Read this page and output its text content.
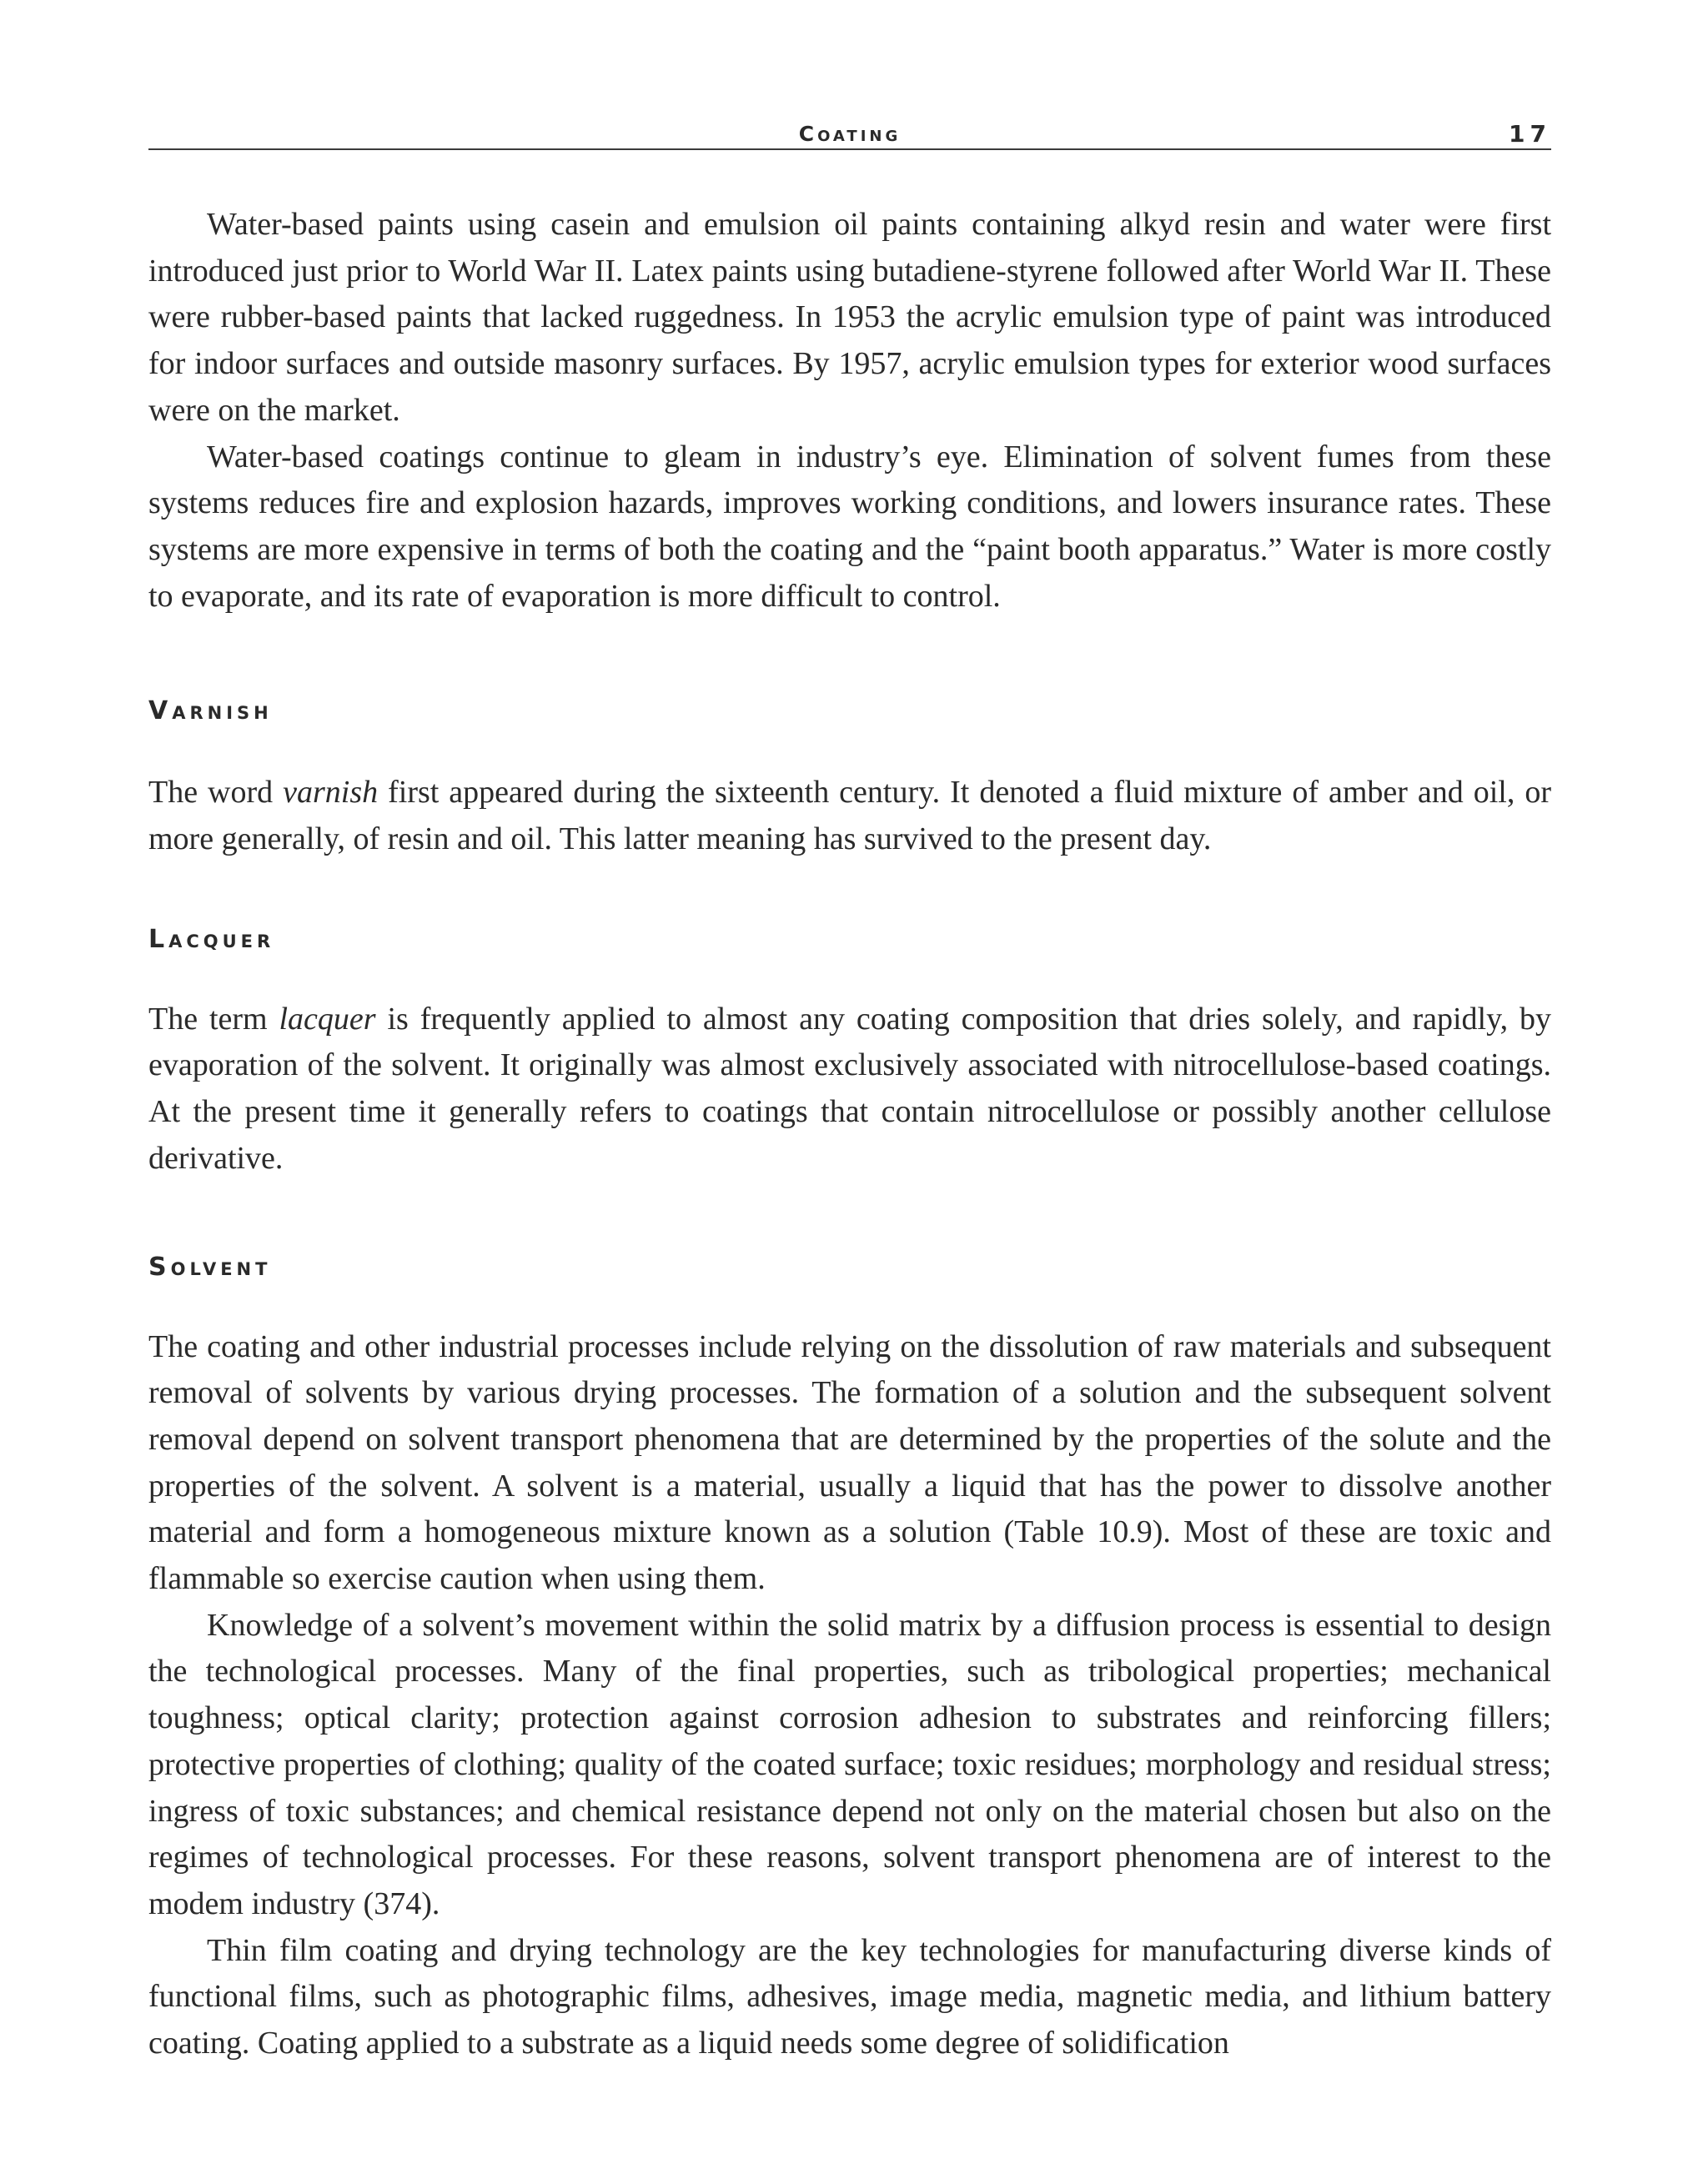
Coating	17

Water-based paints using casein and emulsion oil paints containing alkyd resin and water were first introduced just prior to World War II. Latex paints using butadiene-styrene followed after World War II. These were rubber-based paints that lacked ruggedness. In 1953 the acrylic emulsion type of paint was introduced for indoor surfaces and outside masonry surfaces. By 1957, acrylic emulsion types for exterior wood surfaces were on the market.

Water-based coatings continue to gleam in industry’s eye. Elimination of solvent fumes from these systems reduces fire and explosion hazards, improves working conditions, and lowers insurance rates. These systems are more expensive in terms of both the coating and the “paint booth apparatus.” Water is more costly to evaporate, and its rate of evaporation is more difficult to control.

Varnish

The word varnish first appeared during the sixteenth century. It denoted a fluid mixture of amber and oil, or more generally, of resin and oil. This latter meaning has survived to the present day.

Lacquer

The term lacquer is frequently applied to almost any coating composition that dries solely, and rapidly, by evaporation of the solvent. It originally was almost exclusively associated with nitrocellulose-based coatings. At the present time it generally refers to coatings that contain nitrocellulose or possibly another cellulose derivative.

Solvent

The coating and other industrial processes include relying on the dissolution of raw materials and subsequent removal of solvents by various drying processes. The formation of a solution and the subsequent solvent removal depend on solvent transport phenomena that are determined by the properties of the solute and the properties of the solvent. A solvent is a material, usually a liquid that has the power to dissolve another material and form a homogeneous mixture known as a solution (Table 10.9). Most of these are toxic and flammable so exercise caution when using them.

Knowledge of a solvent’s movement within the solid matrix by a diffusion process is essential to design the technological processes. Many of the final properties, such as tribological properties; mechanical toughness; optical clarity; protection against corrosion adhesion to substrates and reinforcing fillers; protective properties of clothing; quality of the coated surface; toxic residues; morphology and residual stress; ingress of toxic substances; and chemical resistance depend not only on the material chosen but also on the regimes of technological processes. For these reasons, solvent transport phenomena are of interest to the modem industry (374).

Thin film coating and drying technology are the key technologies for manufacturing diverse kinds of functional films, such as photographic films, adhesives, image media, magnetic media, and lithium battery coating. Coating applied to a substrate as a liquid needs some degree of solidification
